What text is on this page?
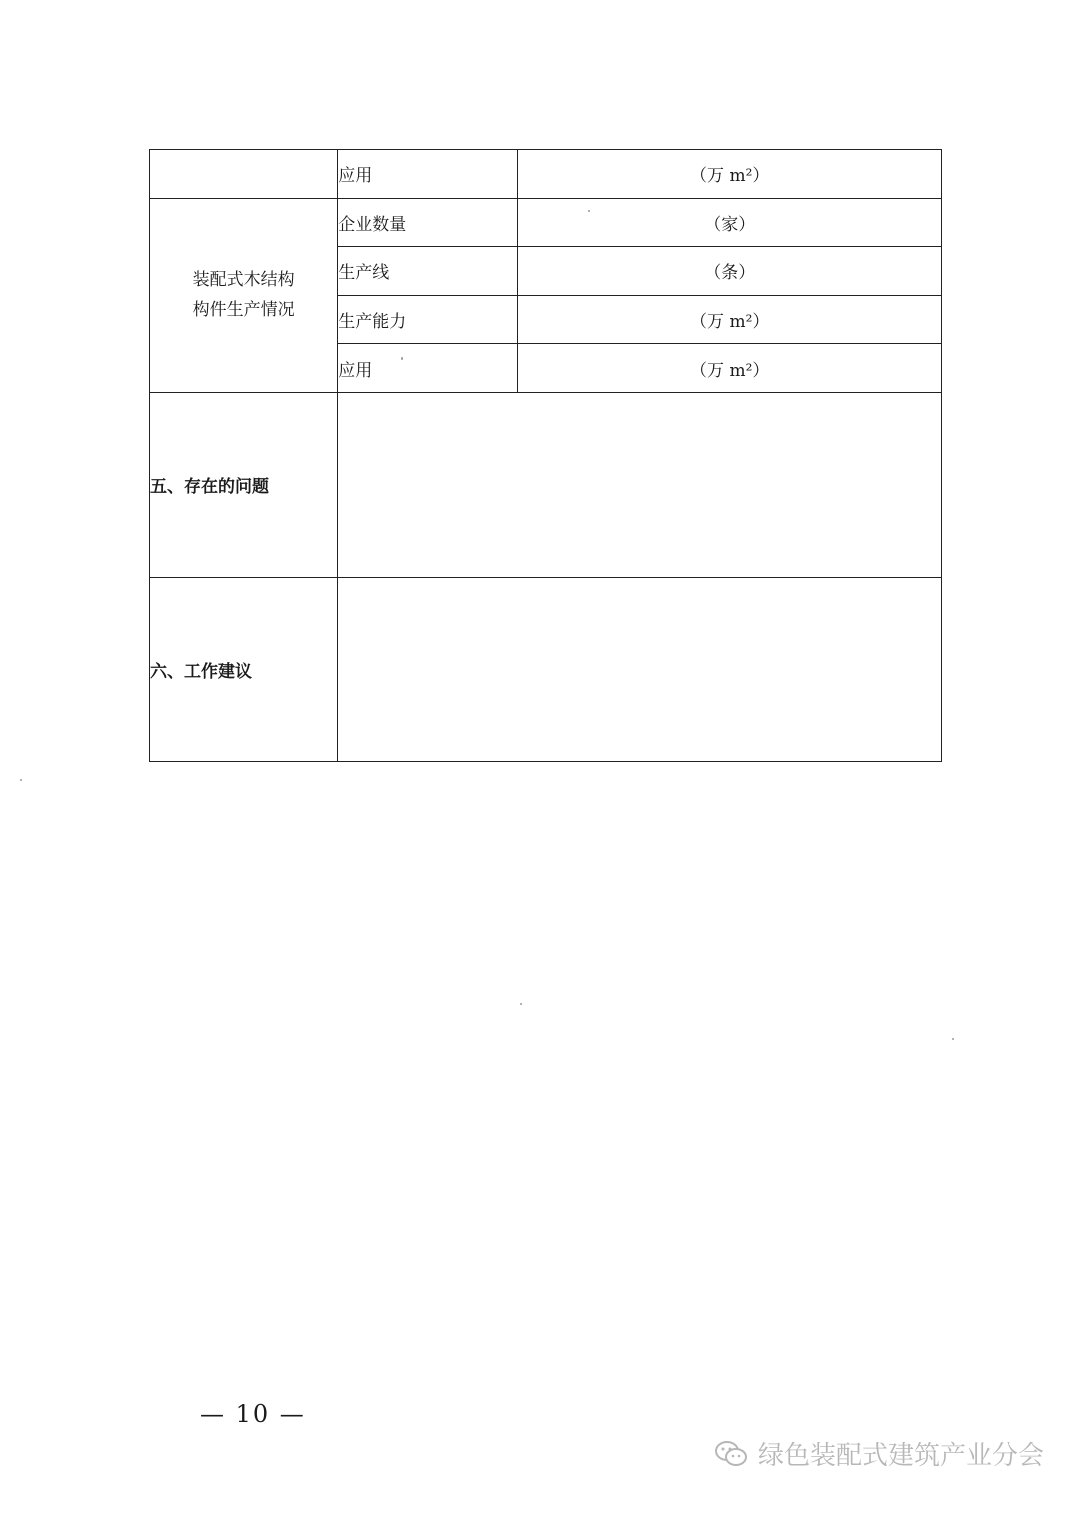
	应用	（万 m²）

装配式木结构
构件生产情况	企业数量	（家）
	生产线	（条）
	生产能力	（万 m²）
	应用	（万 m²）
五、存在的问题		
六、工作建议		
— 10 —
绿色装配式建筑产业分会
